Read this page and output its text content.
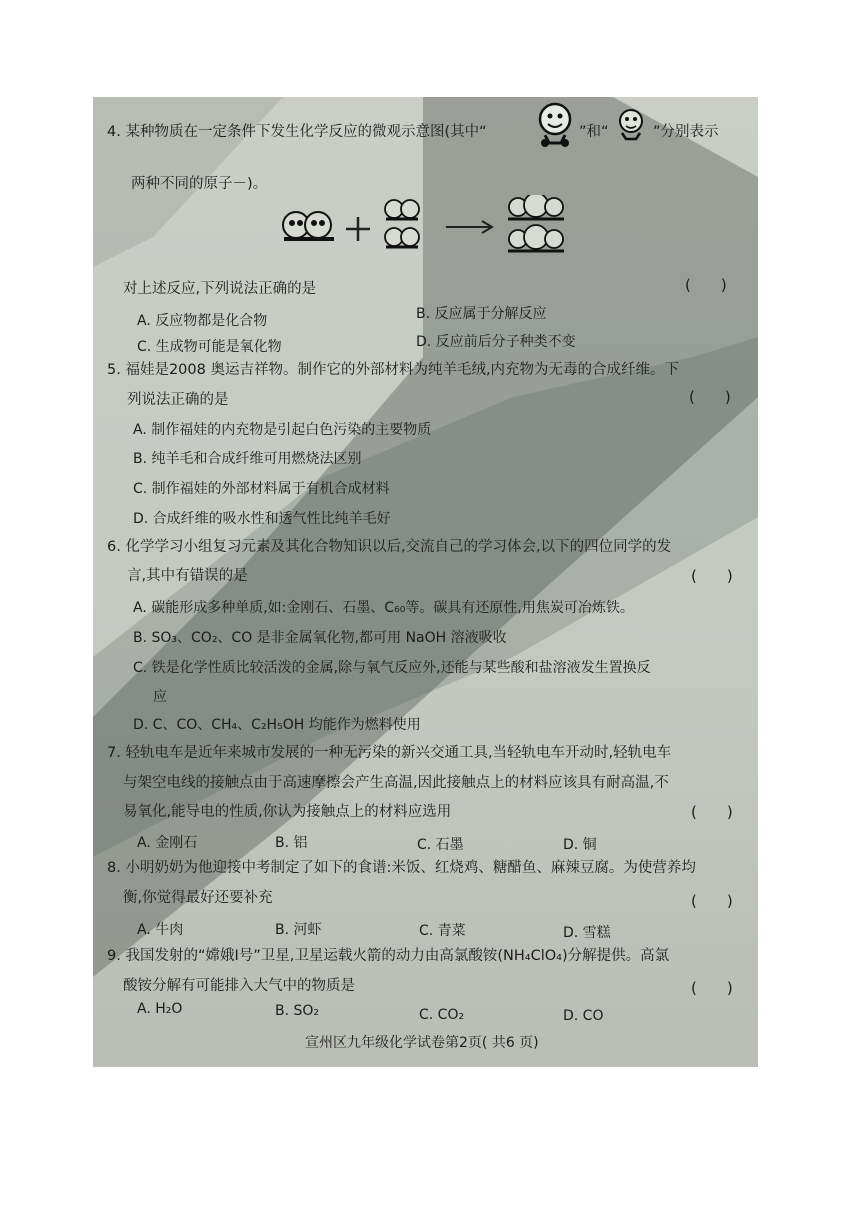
4. 某种物质在一定条件下发生化学反应的微观示意图(其中“	”和“	”分别表示
两种不同的原子－)。
对上述反应,下列说法正确的是	(　　)
A. 反应物都是化合物	B. 反应属于分解反应
C. 生成物可能是氧化物	D. 反应前后分子种类不变
5. 福娃是2008 奥运吉祥物。制作它的外部材料为纯羊毛绒,内充物为无毒的合成纤维。下
列说法正确的是	(　　)
A. 制作福娃的内充物是引起白色污染的主要物质
B. 纯羊毛和合成纤维可用燃烧法区别
C. 制作福娃的外部材料属于有机合成材料
D. 合成纤维的吸水性和透气性比纯羊毛好
6. 化学学习小组复习元素及其化合物知识以后,交流自己的学习体会,以下的四位同学的发
言,其中有错误的是	(　　)
A. 碳能形成多种单质,如:金刚石、石墨、C₆₀等。碳具有还原性,用焦炭可冶炼铁。
B. SO₃、CO₂、CO 是非金属氧化物,都可用 NaOH 溶液吸收
C. 铁是化学性质比较活泼的金属,除与氧气反应外,还能与某些酸和盐溶液发生置换反
应
D. C、CO、CH₄、C₂H₅OH 均能作为燃料使用
7. 轻轨电车是近年来城市发展的一种无污染的新兴交通工具,当轻轨电车开动时,轻轨电车
与架空电线的接触点由于高速摩擦会产生高温,因此接触点上的材料应该具有耐高温,不
易氧化,能导电的性质,你认为接触点上的材料应选用	(　　)
A. 金刚石	B. 铝	C. 石墨	D. 铜
8. 小明奶奶为他迎接中考制定了如下的食谱:米饭、红烧鸡、糖醋鱼、麻辣豆腐。为使营养均
衡,你觉得最好还要补充	(　　)
A. 牛肉	B. 河虾	C. 青菜	D. 雪糕
9. 我国发射的“嫦娥Ⅰ号”卫星,卫星运载火箭的动力由高氯酸铵(NH₄ClO₄)分解提供。高氯
酸铵分解有可能排入大气中的物质是	(　　)
A. H₂O	B. SO₂	C. CO₂	D. CO
宣州区九年级化学试卷第2页( 共6 页)
